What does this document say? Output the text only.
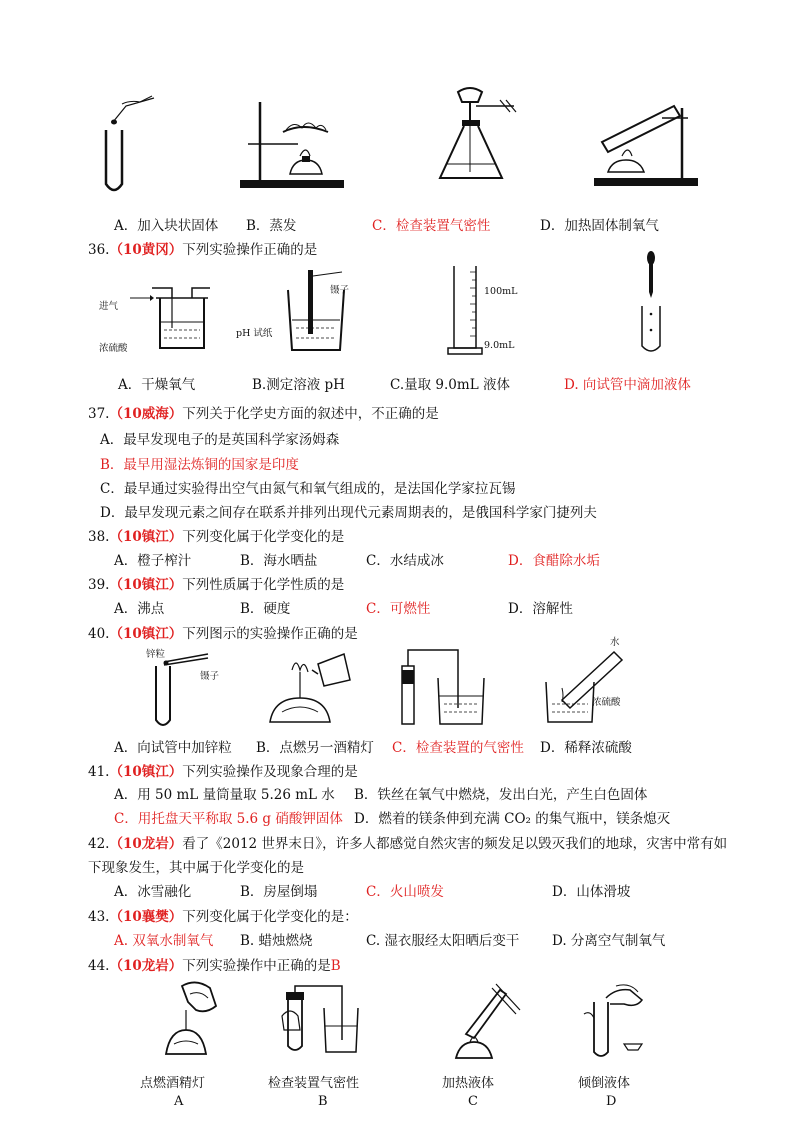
A．加入块状固体 B．蒸发	C．检查装置气密性	D．加热固体制氧气
36.（10黄冈）下列实验操作正确的是
进气
浓硫酸
镊子
pH 试纸
100mL
9.0mL
A．干燥氧气	B.测定溶液 pH	C.量取 9.0mL 液体	D. 向试管中滴加液体
37.（10威海）下列关于化学史方面的叙述中，不正确的是
A．最早发现电子的是英国科学家汤姆森
B．最早用湿法炼铜的国家是印度
C．最早通过实验得出空气由氮气和氧气组成的，是法国化学家拉瓦锡
D．最早发现元素之间存在联系并排列出现代元素周期表的，是俄国科学家门捷列夫
38.（10镇江）下列变化属于化学变化的是
A．橙子榨汁	B．海水晒盐	C．水结成冰	D．食醋除水垢
39.（10镇江）下列性质属于化学性质的是
A．沸点	B．硬度	C．可燃性	D．溶解性
40.（10镇江）下列图示的实验操作正确的是
锌粒
镊子
水
浓硫酸
A．向试管中加锌粒 B．点燃另一酒精灯 C．检查装置的气密性 D．稀释浓硫酸
41.（10镇江）下列实验操作及现象合理的是
A．用 50 mL 量筒量取 5.26 mL 水 B．铁丝在氧气中燃烧，发出白光，产生白色固体
C．用托盘天平称取 5.6 g 硝酸钾固体 D．燃着的镁条伸到充满 CO₂ 的集气瓶中，镁条熄灭
42.（10龙岩）看了《2012 世界末日》，许多人都感觉自然灾害的频发足以毁灭我们的地球，灾害中常有如
下现象发生，其中属于化学变化的是
A．冰雪融化	B．房屋倒塌	C．火山喷发	D．山体滑坡
43.（10襄樊）下列变化属于化学变化的是：
A. 双氧水制氧气 B. 蜡烛燃烧	C. 湿衣服经太阳晒后变干 D. 分离空气制氧气
44.（10龙岩）下列实验操作中正确的是B
点燃酒精灯	检查装置气密性	加热液体	倾倒液体
A	B	C	D
